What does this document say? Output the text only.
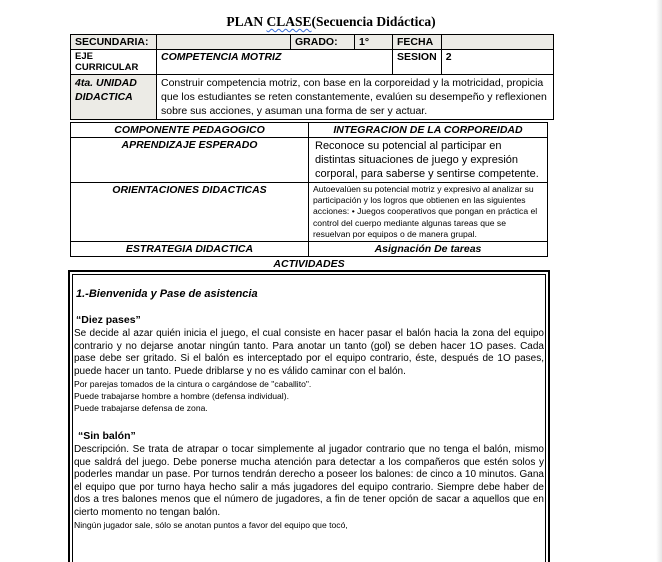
PLAN CLASE(Secuencia Didáctica)
SECUNDARIA:		GRADO:	1°	FECHA	
EJE CURRICULAR	COMPETENCIA MOTRIZ			SESION	2
4ta. UNIDAD DIDACTICA	Construir competencia motriz, con base en la corporeidad y la motricidad, propicia que los estudiantes se reten constantemente, evalúen su desempeño y reflexionen sobre sus acciones, y asuman una forma de ser y actuar.				
COMPONENTE PEDAGOGICO	INTEGRACION DE LA CORPOREIDAD
APRENDIZAJE ESPERADO	Reconoce su potencial al participar en distintas situaciones de juego y expresión corporal, para saberse y sentirse competente.
ORIENTACIONES DIDACTICAS	Autoevalúen su potencial motriz y expresivo al analizar su participación y los logros que obtienen en las siguientes acciones: • Juegos cooperativos que pongan en práctica el control del cuerpo mediante algunas tareas que se resuelvan por equipos o de manera grupal.
ESTRATEGIA DIDACTICA	Asignación De tareas
ACTIVIDADES
1.-Bienvenida y Pase de asistencia
“Diez pases”
Se decide al azar quién inicia el juego, el cual consiste en hacer pasar el balón hacia la zona del equipo contrario y no dejarse anotar ningún tanto. Para anotar un tanto (gol) se deben hacer 1O pases. Cada pase debe ser gritado. Si el balón es interceptado por el equipo contrario, éste, después de 1O pases, puede hacer un tanto. Puede driblarse y no es válido caminar con el balón.
Por parejas tomados de la cintura o cargándose de "caballito".
Puede trabajarse hombre a hombre (defensa individual).
Puede trabajarse defensa de zona.
“Sin balón”
Descripción. Se trata de atrapar o tocar simplemente al jugador contrario que no tenga el balón, mismo que saldrá del juego. Debe ponerse mucha atención para detectar a los compañeros que estén solos y poderles mandar un pase. Por turnos tendrán derecho a poseer los balones: de cinco a 10 minutos. Gana el equipo que por turno haya hecho salir a más jugadores del equipo contrario. Siempre debe haber de dos a tres balones menos que el número de jugadores, a fin de tener opción de sacar a aquellos que en cierto momento no tengan balón.
Ningún jugador sale, sólo se anotan puntos a favor del equipo que tocó,
